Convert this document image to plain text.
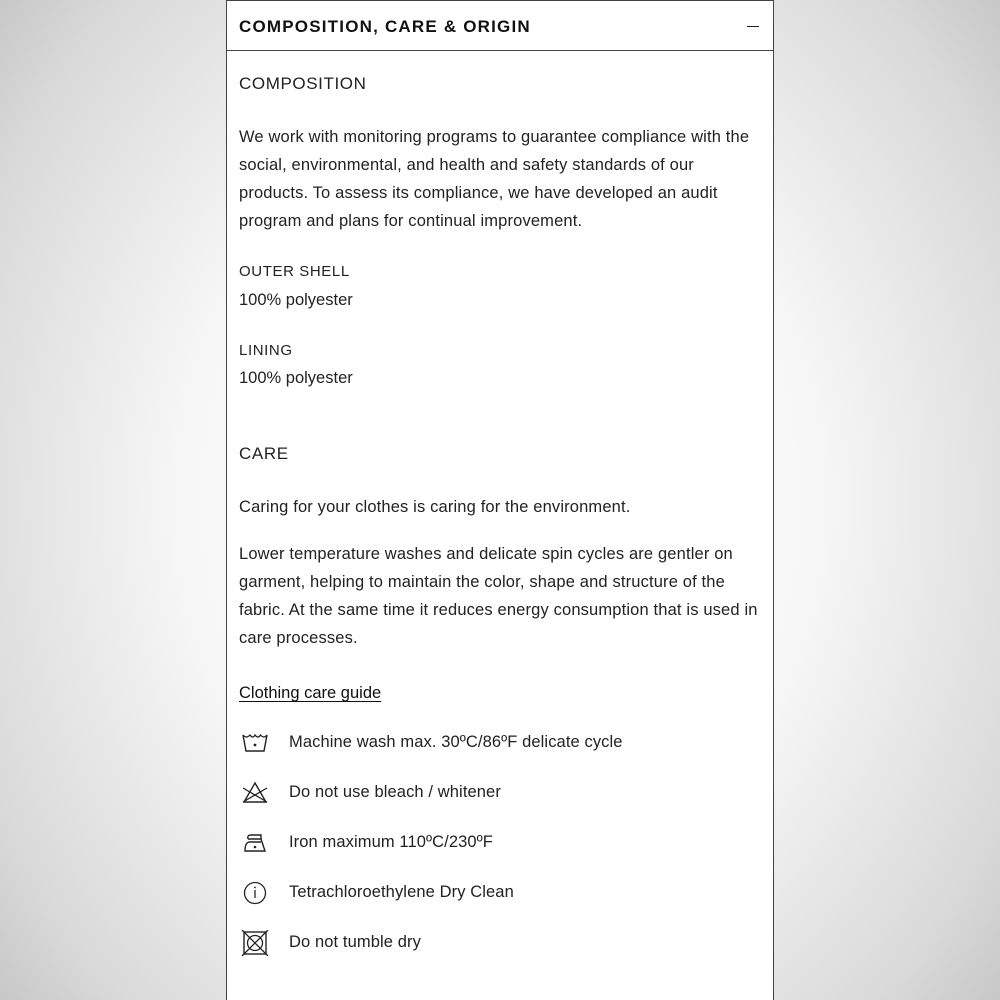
COMPOSITION, CARE & ORIGIN

COMPOSITION

We work with monitoring programs to guarantee compliance with the social, environmental, and health and safety standards of our products. To assess its compliance, we have developed an audit program and plans for continual improvement.

OUTER SHELL

100% polyester

LINING

100% polyester

CARE

Caring for your clothes is caring for the environment.

Lower temperature washes and delicate spin cycles are gentler on garment, helping to maintain the color, shape and structure of the fabric. At the same time it reduces energy consumption that is used in care processes.

Clothing care guide
Machine wash max. 30ºC/86ºF delicate cycle
Do not use bleach / whitener
Iron maximum 110ºC/230ºF
Tetrachloroethylene Dry Clean
Do not tumble dry
